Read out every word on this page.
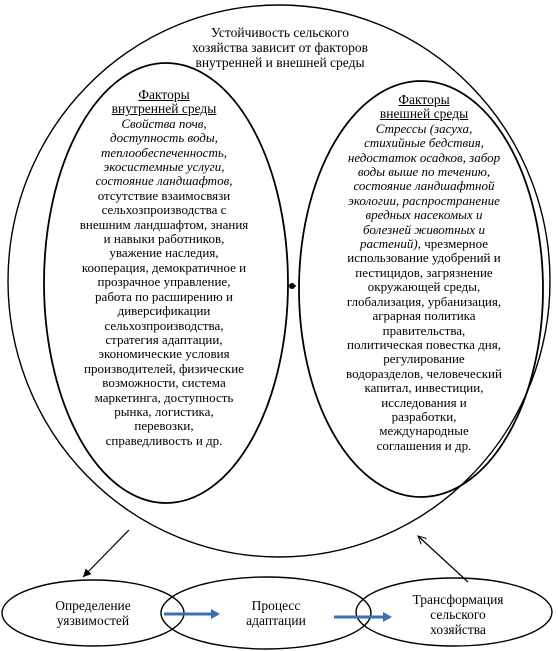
Устойчивость сельского
хозяйства зависит от факторов
внутренней и внешней среды
Факторы
внутренней среды
Свойства почв,
доступность воды,
теплообеспеченность,
экосистемные услуги,
состояние ландшафтов,
отсутствие взаимосвязи
сельхозпроизводства с
внешним ландшафтом, знания
и навыки работников,
уважение наследия,
кооперация, демократичное и
прозрачное управление,
работа по расширению и
диверсификации
сельхозпроизводства,
стратегия адаптации,
экономические условия
производителей, физические
возможности, система
маркетинга, доступность
рынка, логистика,
перевозки,
справедливость и др.
Факторы
внешней среды
Стрессы (засуха,
стихийные бедствия,
недостаток осадков, забор
воды выше по течению,
состояние ландшафтной
экологии, распространение
вредных насекомых и
болезней животных и
растений), чрезмерное
использование удобрений и
пестицидов, загрязнение
окружающей среды,
глобализация, урбанизация,
аграрная политика
правительства,
политическая повестка дня,
регулирование
водоразделов, человеческий
капитал, инвестиции,
исследования и
разработки,
международные
соглашения и др.
Определение
уязвимостей
Процесс
адаптации
Трансформация
сельского
хозяйства
